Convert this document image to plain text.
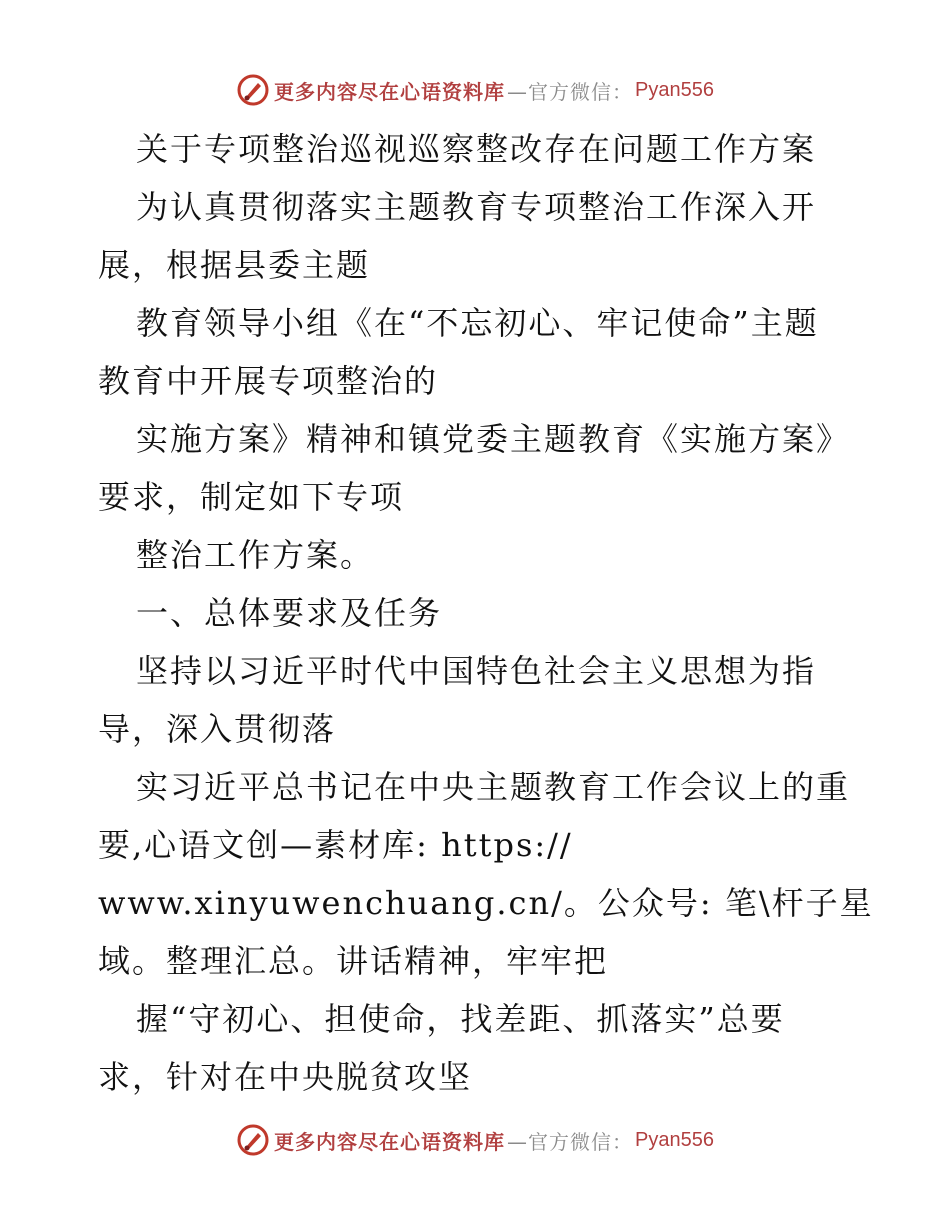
更多内容尽在心语资料库 —官方微信： Pyan556
关于专项整治巡视巡察整改存在问题工作方案
为认真贯彻落实主题教育专项整治工作深入开
展，根据县委主题
教育领导小组《在“不忘初心、牢记使命”主题
教育中开展专项整治的
实施方案》精神和镇党委主题教育《实施方案》
要求，制定如下专项
整治工作方案。
一、总体要求及任务
坚持以习近平时代中国特色社会主义思想为指
导，深入贯彻落
实习近平总书记在中央主题教育工作会议上的重
要,心语文创—素材库: https://
www.xinyuwenchuang.cn/。公众号: 笔\杆子星
域。整理汇总。讲话精神，牢牢把
握“守初心、担使命，找差距、抓落实”总要
求，针对在中央脱贫攻坚
更多内容尽在心语资料库 —官方微信： Pyan556
